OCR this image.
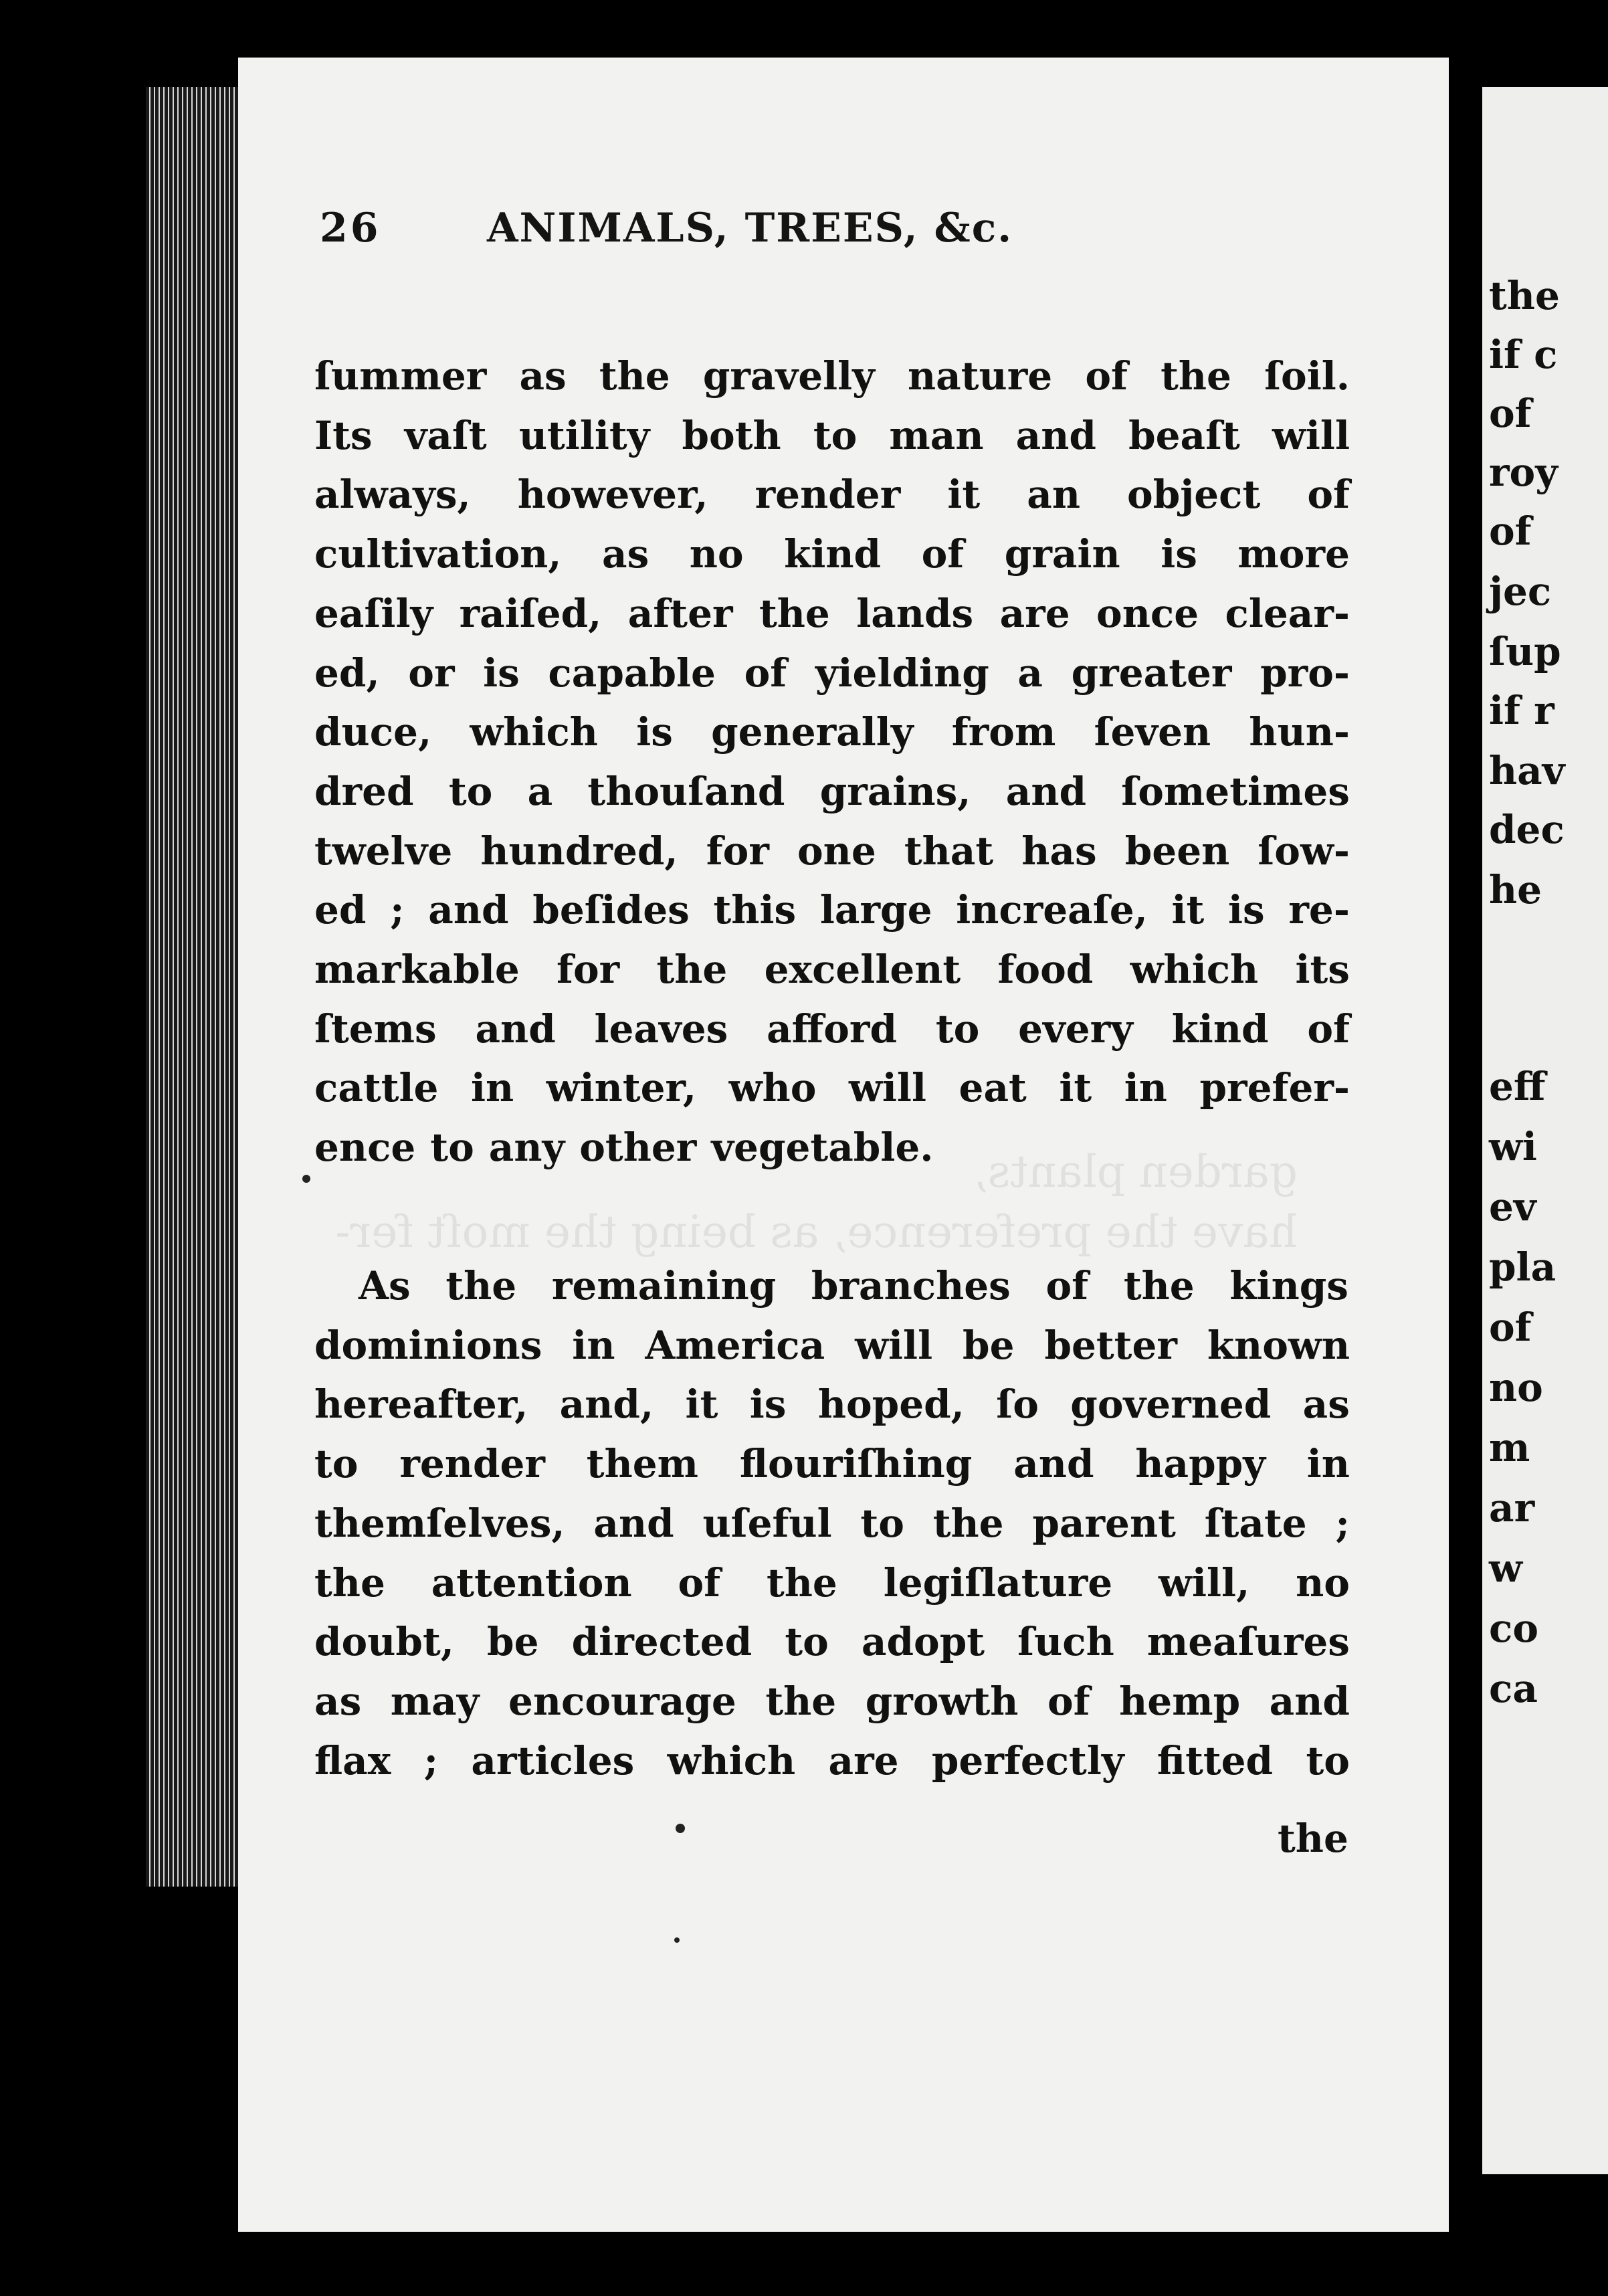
26	ANIMALS, TREES, &c.
ſummer as the gravelly nature of the ſoil.
Its vaſt utility both to man and beaſt will
always, however, render it an object of
cultivation, as no kind of grain is more
eaſily raiſed, after the lands are once clear-
ed, or is capable of yielding a greater pro-
duce, which is generally from ſeven hun-
dred to a thouſand grains, and ſometimes
twelve hundred, for one that has been ſow-
ed ; and beſides this large increaſe, it is re-
markable for the excellent food which its
ſtems and leaves afford to every kind of
cattle in winter, who will eat it in prefer-
ence to any other vegetable.
As the remaining branches of the kings
dominions in America will be better known
hereafter, and, it is hoped, ſo governed as
to render them flouriſhing and happy in
themſelves, and uſeful to the parent ſtate ;
the attention of the legiſlature will, no
doubt, be directed to adopt ſuch meaſures
as may encourage the growth of hemp and
flax ; articles which are perfectly fitted to
the
the
if c
of
roy
of
jec
ſup
if r
hav
dec
he
eff
wi
ev
pla
of
no
m
ar
w
co
ca
